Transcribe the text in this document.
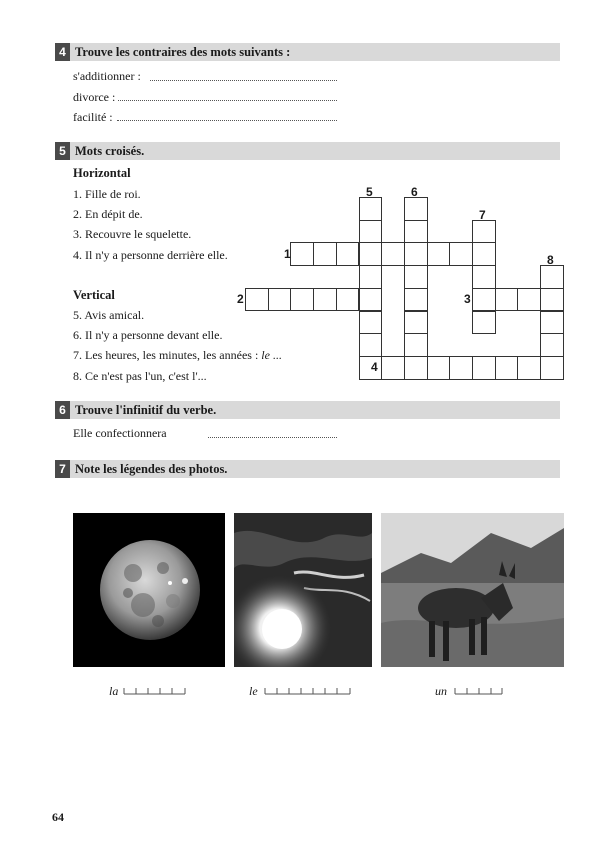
4 Trouve les contraires des mots suivants :
s'additionner :
divorce :
facilité :
5 Mots croisés.
Horizontal
1. Fille de roi.
2. En dépit de.
3. Recouvre le squelette.
4. Il n'y a personne derrière elle.
Vertical
5. Avis amical.
6. Il n'y a personne devant elle.
7. Les heures, les minutes, les années : le ...
8. Ce n'est pas l'un, c'est l'...
1
2	3
4
5	6
7
8
6 Trouve l'infinitif du verbe.
Elle confectionnera
7 Note les légendes des photos.
la	le	un
64
